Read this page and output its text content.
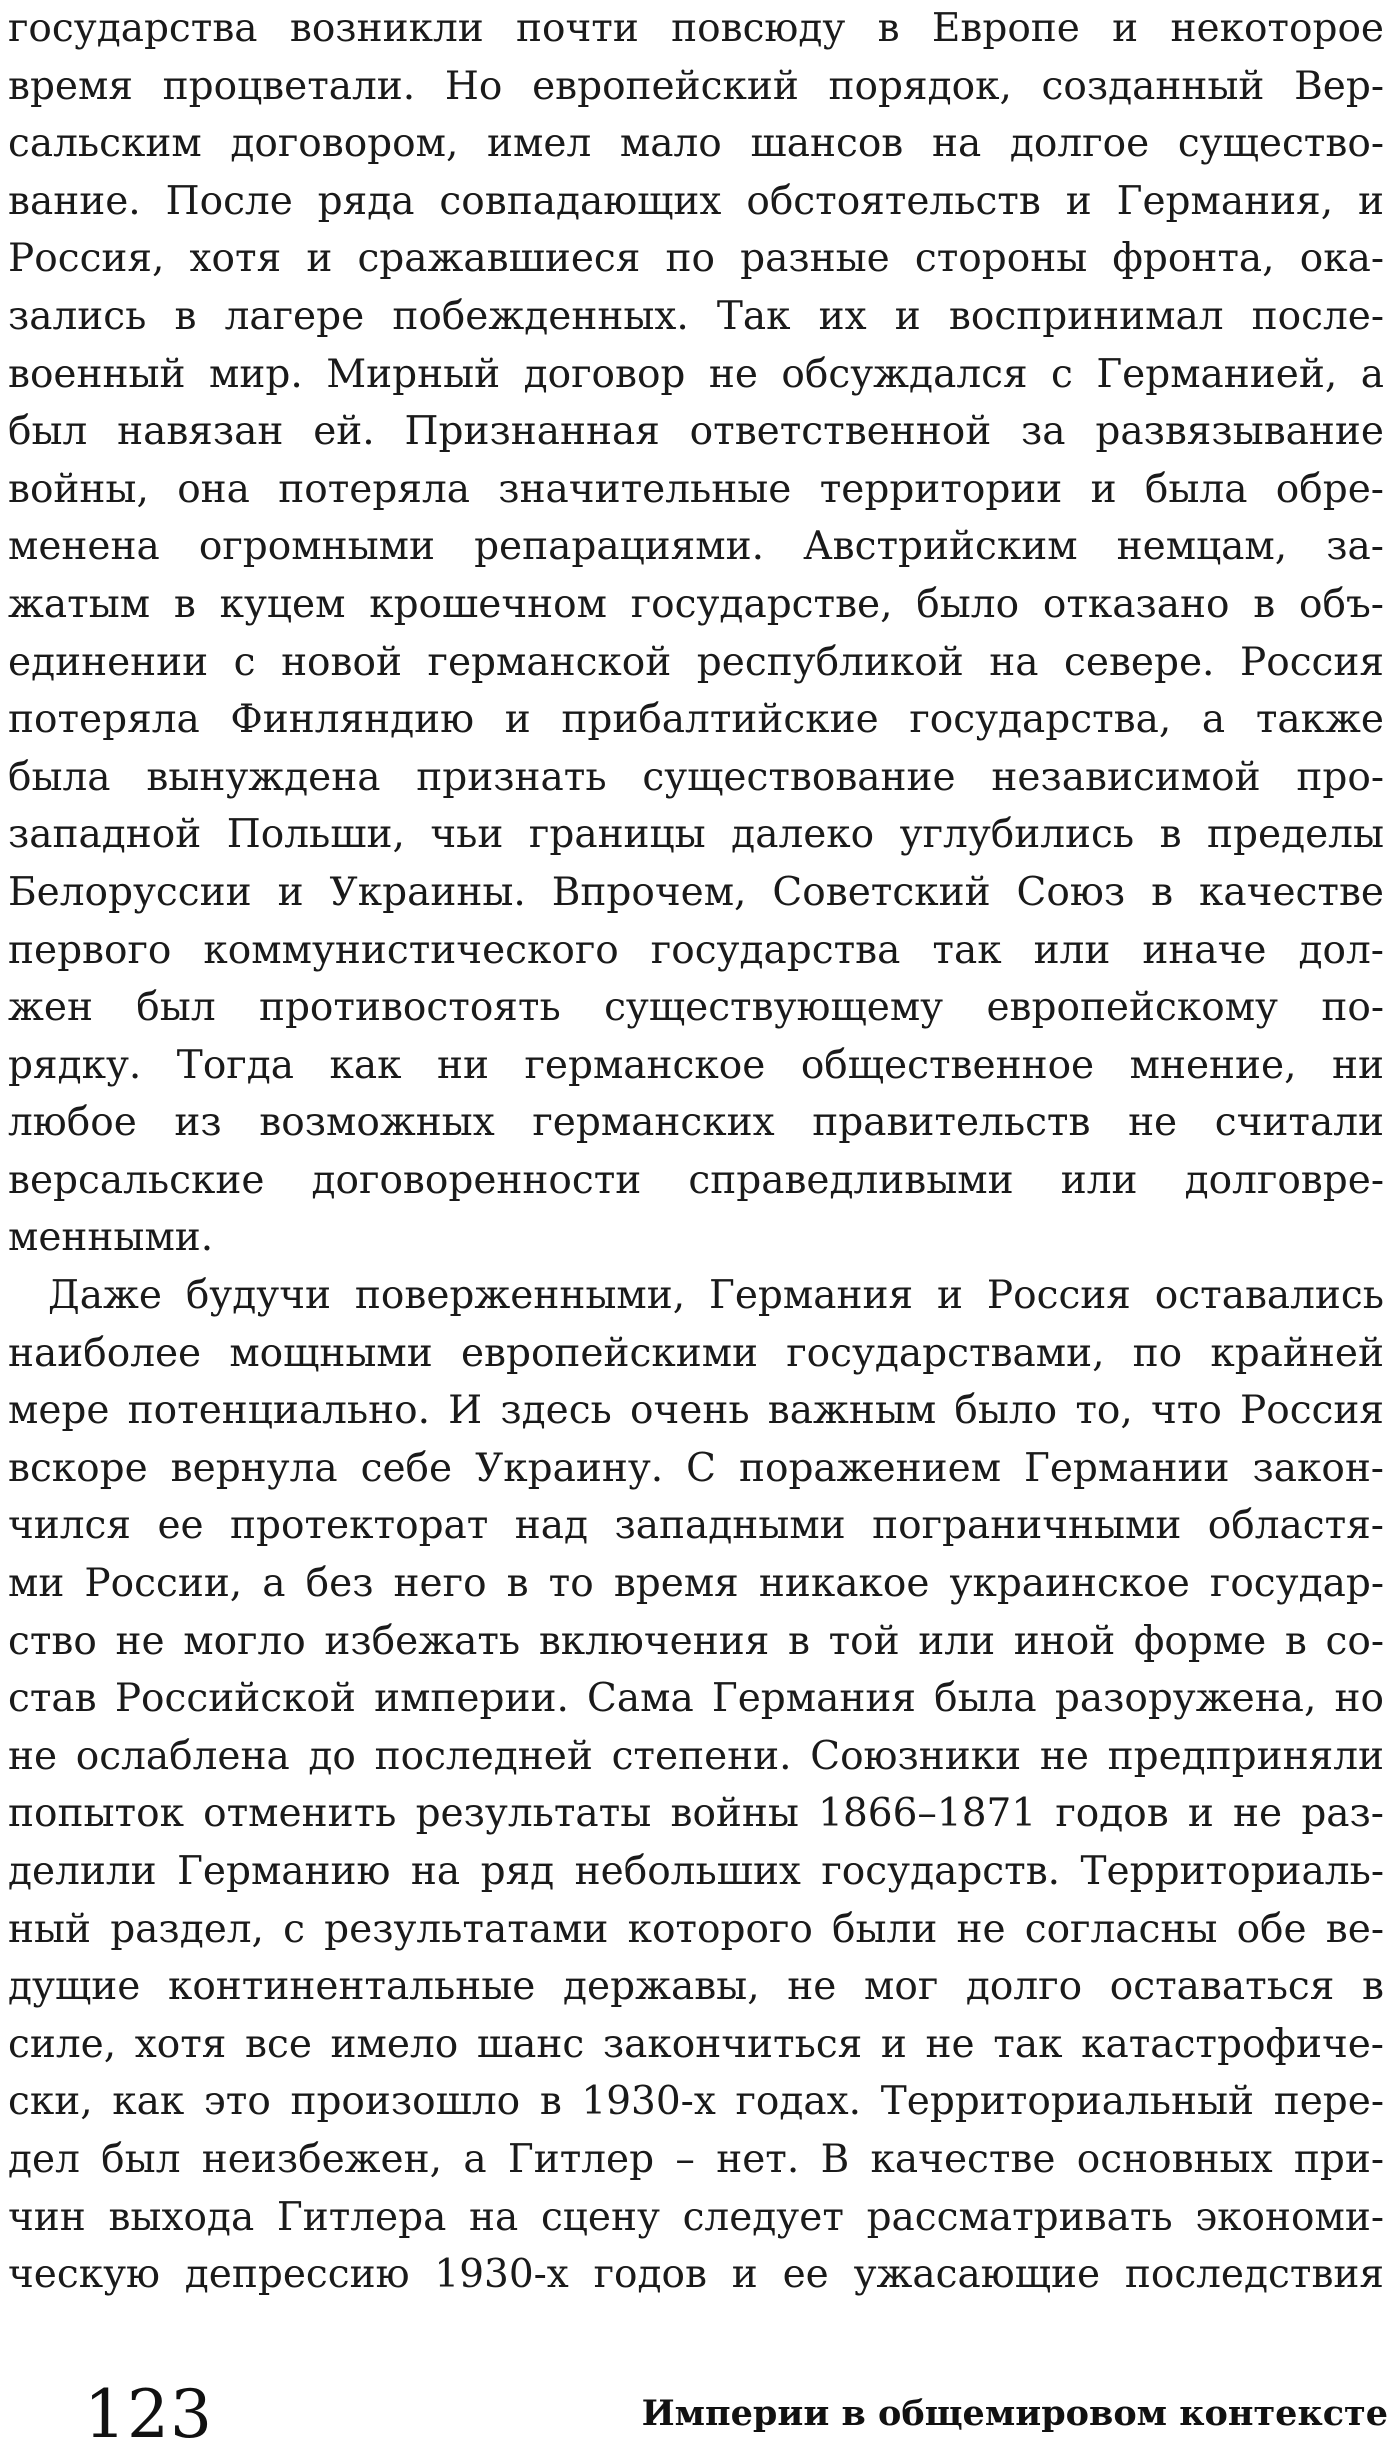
государства возникли почти повсюду в Европе и некоторое
время процветали. Но европейский порядок, созданный Вер-
сальским договором, имел мало шансов на долгое существо-
вание. После ряда совпадающих обстоятельств и Германия, и
Россия, хотя и сражавшиеся по разные стороны фронта, ока-
зались в лагере побежденных. Так их и воспринимал после-
военный мир. Мирный договор не обсуждался с Германией, а
был навязан ей. Признанная ответственной за развязывание
войны, она потеряла значительные территории и была обре-
менена огромными репарациями. Австрийским немцам, за-
жатым в куцем крошечном государстве, было отказано в объ-
единении с новой германской республикой на севере. Россия
потеряла Финляндию и прибалтийские государства, а также
была вынуждена признать существование независимой про-
западной Польши, чьи границы далеко углубились в пределы
Белоруссии и Украины. Впрочем, Советский Союз в качестве
первого коммунистического государства так или иначе дол-
жен был противостоять существующему европейскому по-
рядку. Тогда как ни германское общественное мнение, ни
любое из возможных германских правительств не считали
версальские договоренности справедливыми или долговре-
менными.
Даже будучи поверженными, Германия и Россия оставались
наиболее мощными европейскими государствами, по крайней
мере потенциально. И здесь очень важным было то, что Россия
вскоре вернула себе Украину. С поражением Германии закон-
чился ее протекторат над западными пограничными областя-
ми России, а без него в то время никакое украинское государ-
ство не могло избежать включения в той или иной форме в со-
став Российской империи. Сама Германия была разоружена, но
не ослаблена до последней степени. Союзники не предприняли
попыток отменить результаты войны 1866–1871 годов и не раз-
делили Германию на ряд небольших государств. Территориаль-
ный раздел, с результатами которого были не согласны обе ве-
дущие континентальные державы, не мог долго оставаться в
силе, хотя все имело шанс закончиться и не так катастрофиче-
ски, как это произошло в 1930-х годах. Территориальный пере-
дел был неизбежен, а Гитлер – нет. В качестве основных при-
чин выхода Гитлера на сцену следует рассматривать экономи-
ческую депрессию 1930-х годов и ее ужасающие последствия
123	Империи в общемировом контексте
